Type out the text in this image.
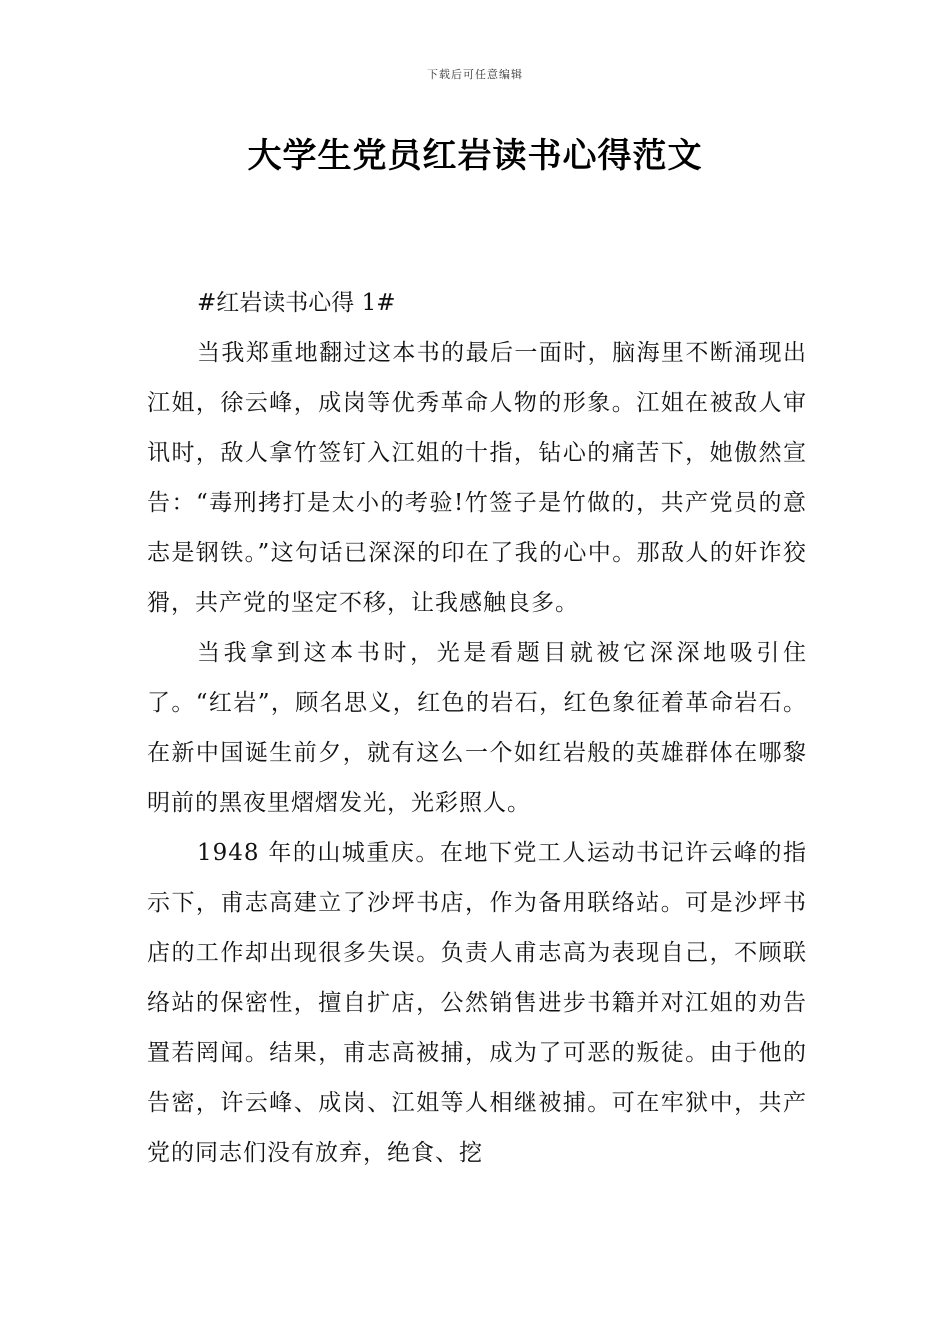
下载后可任意编辑
大学生党员红岩读书心得范文

#红岩读书心得 1#

当我郑重地翻过这本书的最后一面时，脑海里不断涌现出江姐，徐云峰，成岗等优秀革命人物的形象。江姐在被敌人审讯时，敌人拿竹签钉入江姐的十指，钻心的痛苦下，她傲然宣告：“毒刑拷打是太小的考验!竹签子是竹做的，共产党员的意志是钢铁。”这句话已深深的印在了我的心中。那敌人的奸诈狡猾，共产党的坚定不移，让我感触良多。

当我拿到这本书时，光是看题目就被它深深地吸引住了。“红岩”，顾名思义，红色的岩石，红色象征着革命岩石。在新中国诞生前夕，就有这么一个如红岩般的英雄群体在哪黎明前的黑夜里熠熠发光，光彩照人。

1948 年的山城重庆。在地下党工人运动书记许云峰的指示下，甫志高建立了沙坪书店，作为备用联络站。可是沙坪书店的工作却出现很多失误。负责人甫志高为表现自己，不顾联络站的保密性，擅自扩店，公然销售进步书籍并对江姐的劝告置若罔闻。结果，甫志高被捕，成为了可恶的叛徒。由于他的告密，许云峰、成岗、江姐等人相继被捕。可在牢狱中，共产党的同志们没有放弃，绝食、挖
